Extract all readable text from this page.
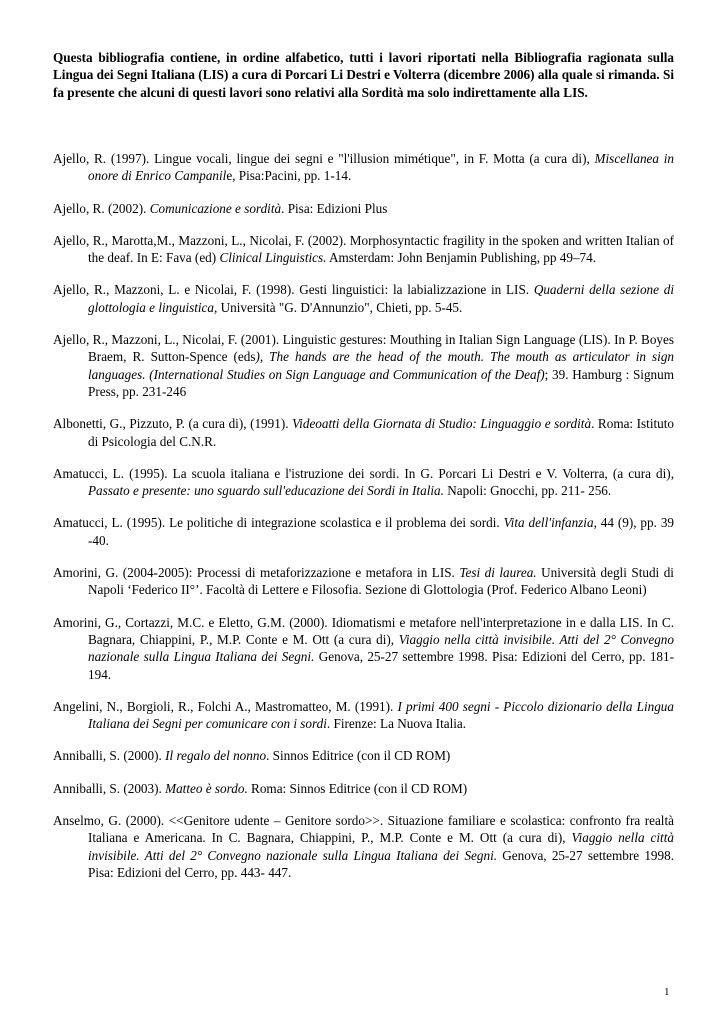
Questa bibliografia contiene, in ordine alfabetico, tutti i lavori riportati nella Bibliografia ragionata sulla Lingua dei Segni Italiana (LIS) a cura di Porcari Li Destri e Volterra (dicembre 2006) alla quale si rimanda. Si fa presente che alcuni di questi lavori sono relativi alla Sordità ma solo indirettamente alla LIS.

Ajello, R. (1997). Lingue vocali, lingue dei segni e "l'illusion mimétique", in F. Motta (a cura di), Miscellanea in onore di Enrico Campanile, Pisa:Pacini, pp. 1-14.

Ajello, R. (2002). Comunicazione e sordità. Pisa: Edizioni Plus

Ajello, R., Marotta,M., Mazzoni, L., Nicolai, F. (2002). Morphosyntactic fragility in the spoken and written Italian of the deaf. In E: Fava (ed) Clinical Linguistics. Amsterdam: John Benjamin Publishing, pp 49–74.

Ajello, R., Mazzoni, L. e Nicolai, F. (1998). Gesti linguistici: la labializzazione in LIS. Quaderni della sezione di glottologia e linguistica, Università "G. D'Annunzio", Chieti, pp. 5-45.

Ajello, R., Mazzoni, L., Nicolai, F. (2001). Linguistic gestures: Mouthing in Italian Sign Language (LIS). In P. Boyes Braem, R. Sutton-Spence (eds), The hands are the head of the mouth. The mouth as articulator in sign languages. (International Studies on Sign Language and Communication of the Deaf); 39. Hamburg : Signum Press, pp. 231-246

Albonetti, G., Pizzuto, P. (a cura di), (1991). Videoatti della Giornata di Studio: Linguaggio e sordità. Roma: Istituto di Psicologia del C.N.R.

Amatucci, L. (1995). La scuola italiana e l'istruzione dei sordi. In G. Porcari Li Destri e V. Volterra, (a cura di), Passato e presente: uno sguardo sull'educazione dei Sordi in Italia. Napoli: Gnocchi, pp. 211- 256.

Amatucci, L. (1995). Le politiche di integrazione scolastica e il problema dei sordi. Vita dell'infanzia, 44 (9), pp. 39 -40.

Amorini, G. (2004-2005): Processi di metaforizzazione e metafora in LIS. Tesi di laurea. Università degli Studi di Napoli ‘Federico II°’. Facoltà di Lettere e Filosofia. Sezione di Glottologia (Prof. Federico Albano Leoni)

Amorini, G., Cortazzi, M.C. e Eletto, G.M. (2000). Idiomatismi e metafore nell'interpretazione in e dalla LIS. In C. Bagnara, Chiappini, P., M.P. Conte e M. Ott (a cura di), Viaggio nella città invisibile. Atti del 2° Convegno nazionale sulla Lingua Italiana dei Segni. Genova, 25-27 settembre 1998. Pisa: Edizioni del Cerro, pp. 181-194.

Angelini, N., Borgioli, R., Folchi A., Mastromatteo, M. (1991). I primi 400 segni - Piccolo dizionario della Lingua Italiana dei Segni per comunicare con i sordi. Firenze: La Nuova Italia.

Anniballi, S. (2000). Il regalo del nonno. Sinnos Editrice (con il CD ROM)

Anniballi, S. (2003). Matteo è sordo. Roma: Sinnos Editrice (con il CD ROM)

Anselmo, G. (2000). <<Genitore udente – Genitore sordo>>. Situazione familiare e scolastica: confronto fra realtà Italiana e Americana. In C. Bagnara, Chiappini, P., M.P. Conte e M. Ott (a cura di), Viaggio nella città invisibile. Atti del 2° Convegno nazionale sulla Lingua Italiana dei Segni. Genova, 25-27 settembre 1998. Pisa: Edizioni del Cerro, pp. 443- 447.

1
